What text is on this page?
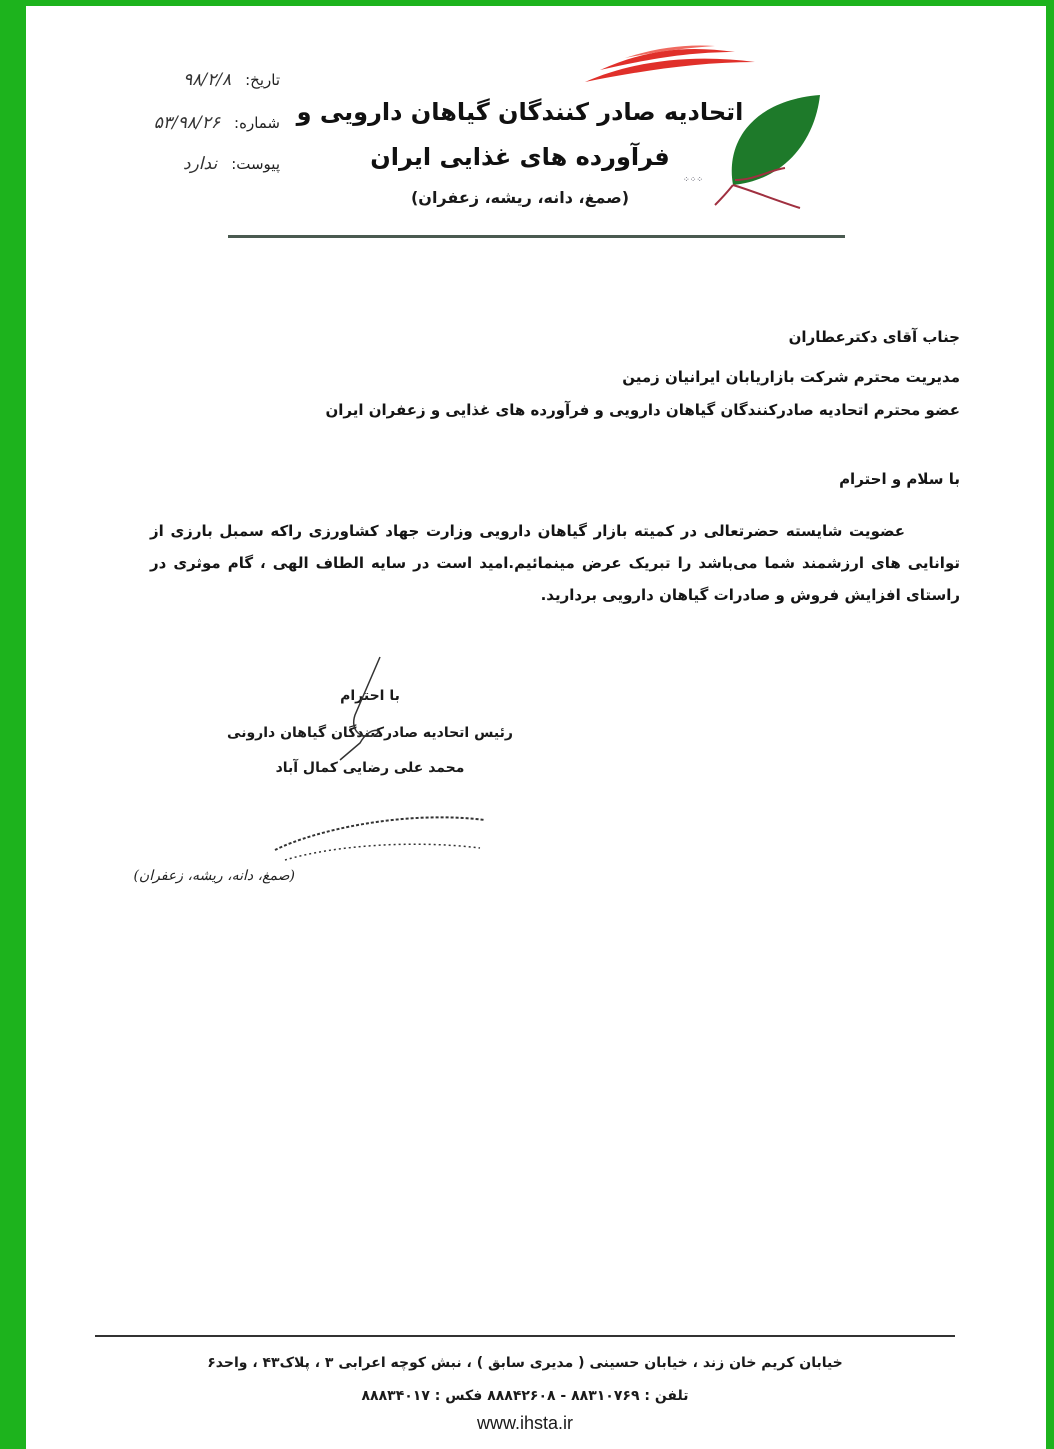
تاریخ:
۹۸/۲/۸
شماره:
۵۳/۹۸/۲۶
پیوست:
ندارد
اتحادیه صادر کنندگان گیاهان دارویی و
فرآورده های غذایی ایران
(صمغ، دانه، ریشه، زعفران)
⁘⁘⁘
جناب آقای دکترعطاران
مدیریت محترم شرکت بازاریابان ایرانیان زمین
عضو محترم اتحادیه صادرکنندگان گیاهان دارویی و فرآورده های غذایی و زعفران ایران
با سلام و احترام
عضویت شایسته حضرتعالی در کمیته بازار گیاهان دارویی وزارت جهاد کشاورزی راکه سمبل بارزی از توانایی های ارزشمند شما می‌باشد را تبریک عرض مینمائیم.امید است در سایه الطاف الهی ، گام موثری در راستای افزایش فروش و صادرات گیاهان دارویی بردارید.
با احترام
رئیس اتحادیه صادرکنندگان گیاهان دارونی
محمد علی رضایی کمال آباد
(صمغ، دانه، ریشه، زعفران)
خیابان کریم خان زند ، خیابان حسینی ( مدیری سابق ) ، نبش کوچه اعرابی ۳ ، پلاک۴۳ ، واحد۶
تلفن : ۸۸۳۱۰۷۶۹ - ۸۸۸۴۲۶۰۸ فکس : ۸۸۸۳۴۰۱۷
www.ihsta.ir
